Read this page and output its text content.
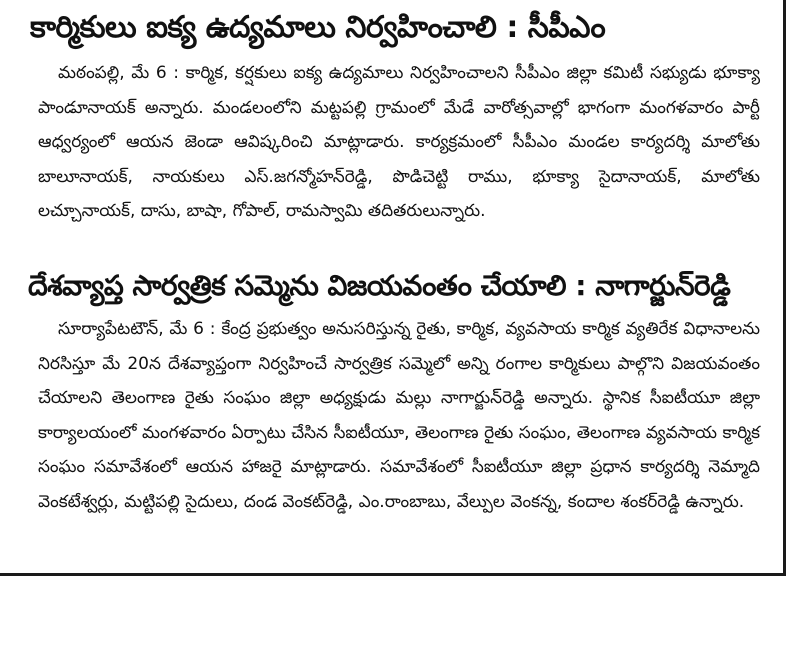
కార్మికులు ఐక్య ఉద్యమాలు నిర్వహించాలి : సీపీఎం

మఠంపల్లి, మే 6 : కార్మిక, కర్షకులు ఐక్య ఉద్యమాలు నిర్వహించాలని సీపీఎం జిల్లా కమిటీ సభ్యుడు భూక్యా పాండూనాయక్ అన్నారు. మండలంలోని మట్టపల్లి గ్రామంలో మేడే వారోత్సవాల్లో భాగంగా మంగళవారం పార్టీ ఆధ్వర్యంలో ఆయన జెండా ఆవిష్కరించి మాట్లాడారు. కార్యక్రమంలో సీపీఎం మండల కార్యదర్శి మాలోతు బాలూనాయక్, నాయకులు ఎస్.జగన్మోహన్‌రెడ్డి, పొడిచెట్టి రాము, భూక్యా సైదానాయక్, మాలోతు లచ్చూనాయక్, దాసు, బాషా, గోపాల్, రామస్వామి తదితరులున్నారు.

దేశవ్యాప్త సార్వత్రిక సమ్మెను విజయవంతం చేయాలి : నాగార్జున్‌రెడ్డి

సూర్యాపేటటౌన్, మే 6 : కేంద్ర ప్రభుత్వం అనుసరిస్తున్న రైతు, కార్మిక, వ్యవసాయ కార్మిక వ్యతిరేక విధానాలను నిరసిస్తూ మే 20న దేశవ్యాప్తంగా నిర్వహించే సార్వత్రిక సమ్మెలో అన్ని రంగాల కార్మికులు పాల్గొని విజయవంతం చేయాలని తెలంగాణ రైతు సంఘం జిల్లా అధ్యక్షుడు మల్లు నాగార్జున్‌రెడ్డి అన్నారు. స్థానిక సీఐటీయూ జిల్లా కార్యాలయంలో మంగళవారం ఏర్పాటు చేసిన సీఐటీయూ, తెలంగాణ రైతు సంఘం, తెలంగాణ వ్యవసాయ కార్మిక సంఘం సమావేశంలో ఆయన హాజరై మాట్లాడారు. సమావేశంలో సీఐటీయూ జిల్లా ప్రధాన కార్యదర్శి నెమ్మాది వెంకటేశ్వర్లు, మట్టిపల్లి సైదులు, దండ వెంకట్‌రెడ్డి, ఎం.రాంబాబు, వేల్పుల వెంకన్న, కందాల శంకర్‌రెడ్డి ఉన్నారు.
